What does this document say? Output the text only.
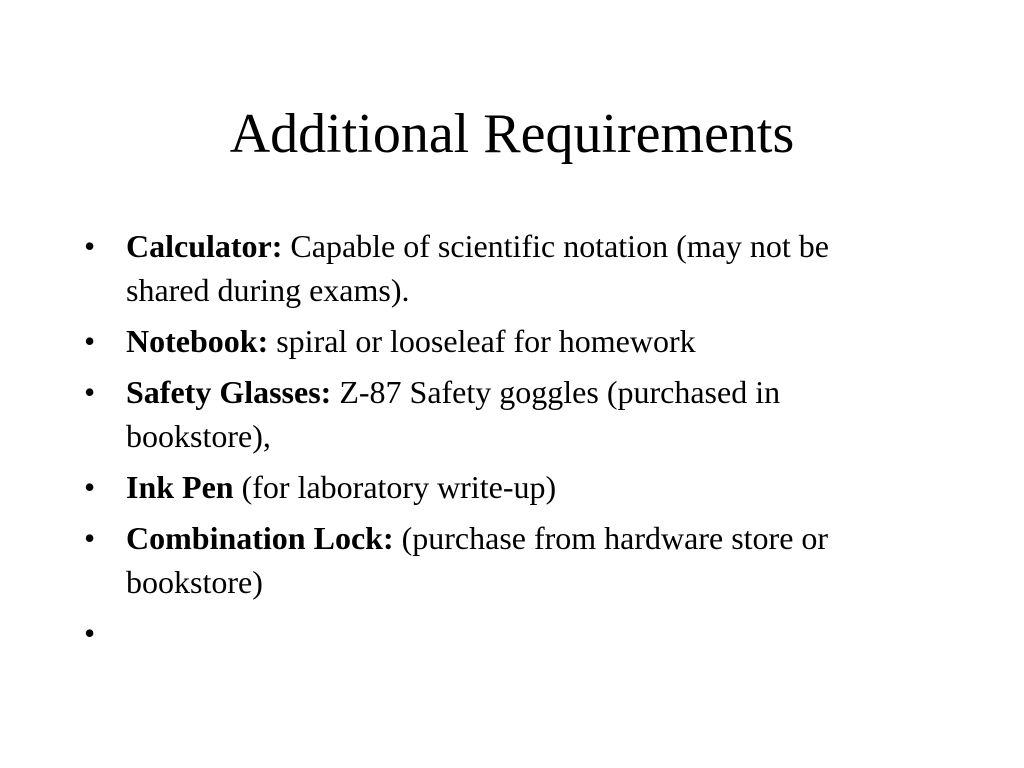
Additional Requirements
• Calculator: Capable of scientific notation (may not be shared during exams).
• Notebook: spiral or looseleaf for homework
• Safety Glasses: Z-87 Safety goggles (purchased in bookstore),
• Ink Pen (for laboratory write-up)
• Combination Lock: (purchase from hardware store or bookstore)
•
